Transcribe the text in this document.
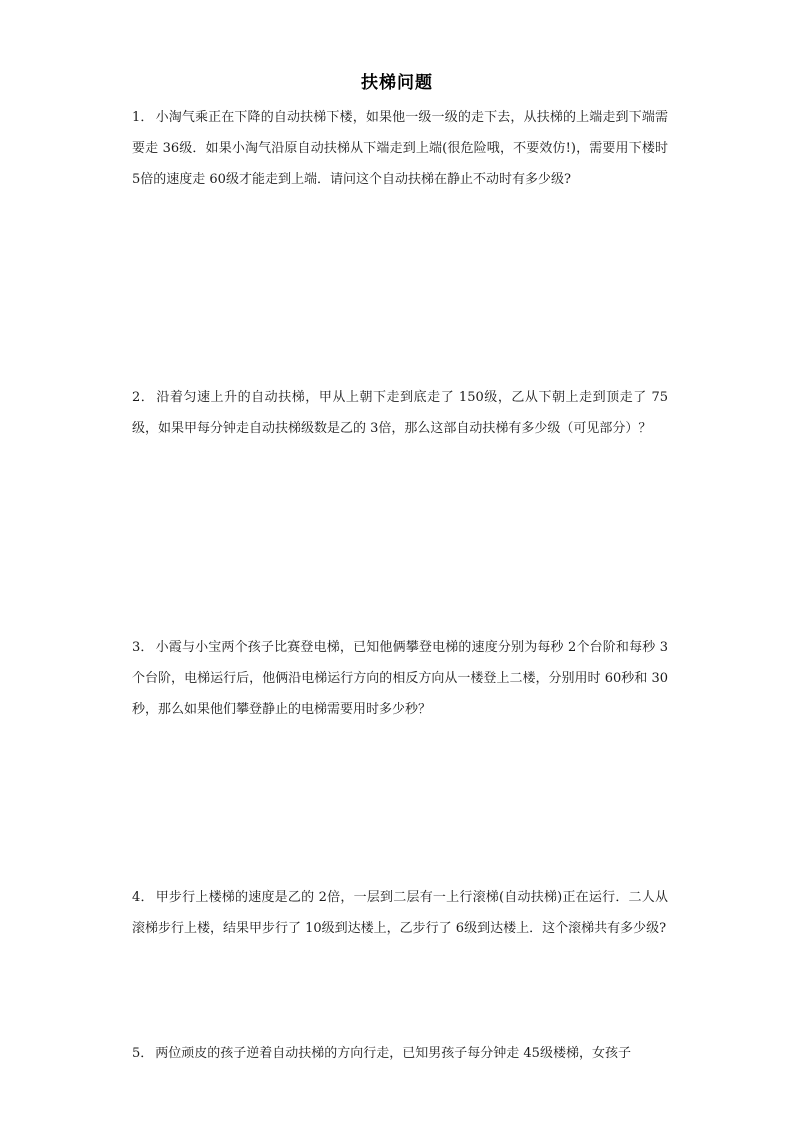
扶梯问题

1． 小淘气乘正在下降的自动扶梯下楼，如果他一级一级的走下去，从扶梯的上端走到下端需要走 36级．如果小淘气沿原自动扶梯从下端走到上端(很危险哦，不要效仿!)，需要用下楼时 5倍的速度走 60级才能走到上端．请问这个自动扶梯在静止不动时有多少级?

2． 沿着匀速上升的自动扶梯，甲从上朝下走到底走了 150级，乙从下朝上走到顶走了 75级，如果甲每分钟走自动扶梯级数是乙的 3倍，那么这部自动扶梯有多少级（可见部分）？

3． 小霞与小宝两个孩子比赛登电梯，已知他俩攀登电梯的速度分别为每秒 2个台阶和每秒 3个台阶，电梯运行后，他俩沿电梯运行方向的相反方向从一楼登上二楼，分别用时 60秒和 30秒，那么如果他们攀登静止的电梯需要用时多少秒？

4． 甲步行上楼梯的速度是乙的 2倍，一层到二层有一上行滚梯(自动扶梯)正在运行．二人从滚梯步行上楼，结果甲步行了 10级到达楼上，乙步行了 6级到达楼上．这个滚梯共有多少级?

5． 两位顽皮的孩子逆着自动扶梯的方向行走，已知男孩子每分钟走 45级楼梯，女孩子
